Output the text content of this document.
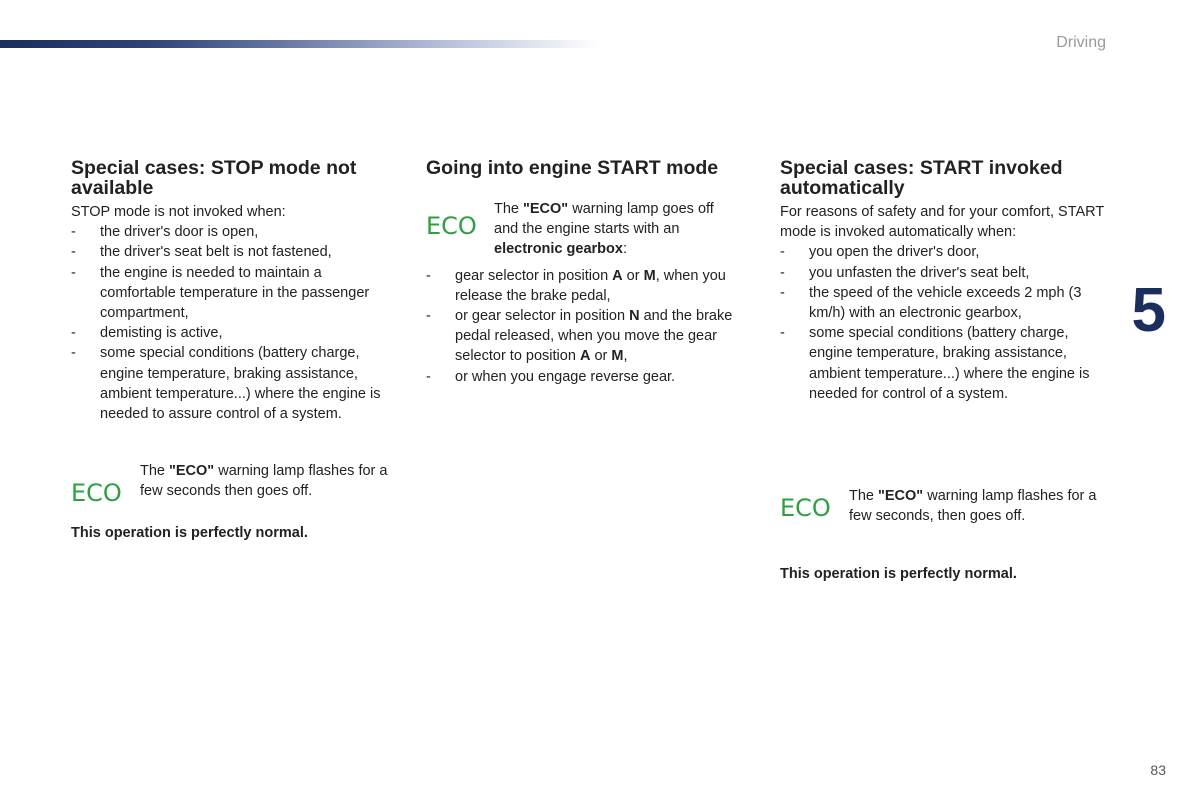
Driving
5
83
Special cases: STOP mode not available

STOP mode is not invoked when:

- the driver's door is open,
- the driver's seat belt is not fastened,
- the engine is needed to maintain a comfortable temperature in the passenger compartment,
- demisting is active,
- some special conditions (battery charge, engine temperature, braking assistance, ambient temperature...) where the engine is needed to assure control of a system.
ECO
The "ECO" warning lamp flashes for a few seconds then goes off.

This operation is perfectly normal.

Going into engine START mode
ECO
The "ECO" warning lamp goes off and the engine starts with an electronic gearbox:
- gear selector in position A or M, when you release the brake pedal,
- or gear selector in position N and the brake pedal released, when you move the gear selector to position A or M,
- or when you engage reverse gear.
Special cases: START invoked automatically

For reasons of safety and for your comfort, START mode is invoked automatically when:

- you open the driver's door,
- you unfasten the driver's seat belt,
- the speed of the vehicle exceeds 2 mph (3 km/h) with an electronic gearbox,
- some special conditions (battery charge, engine temperature, braking assistance, ambient temperature...) where the engine is needed for control of a system.
ECO	The "ECO" warning lamp flashes for a few seconds, then goes off.

This operation is perfectly normal.
